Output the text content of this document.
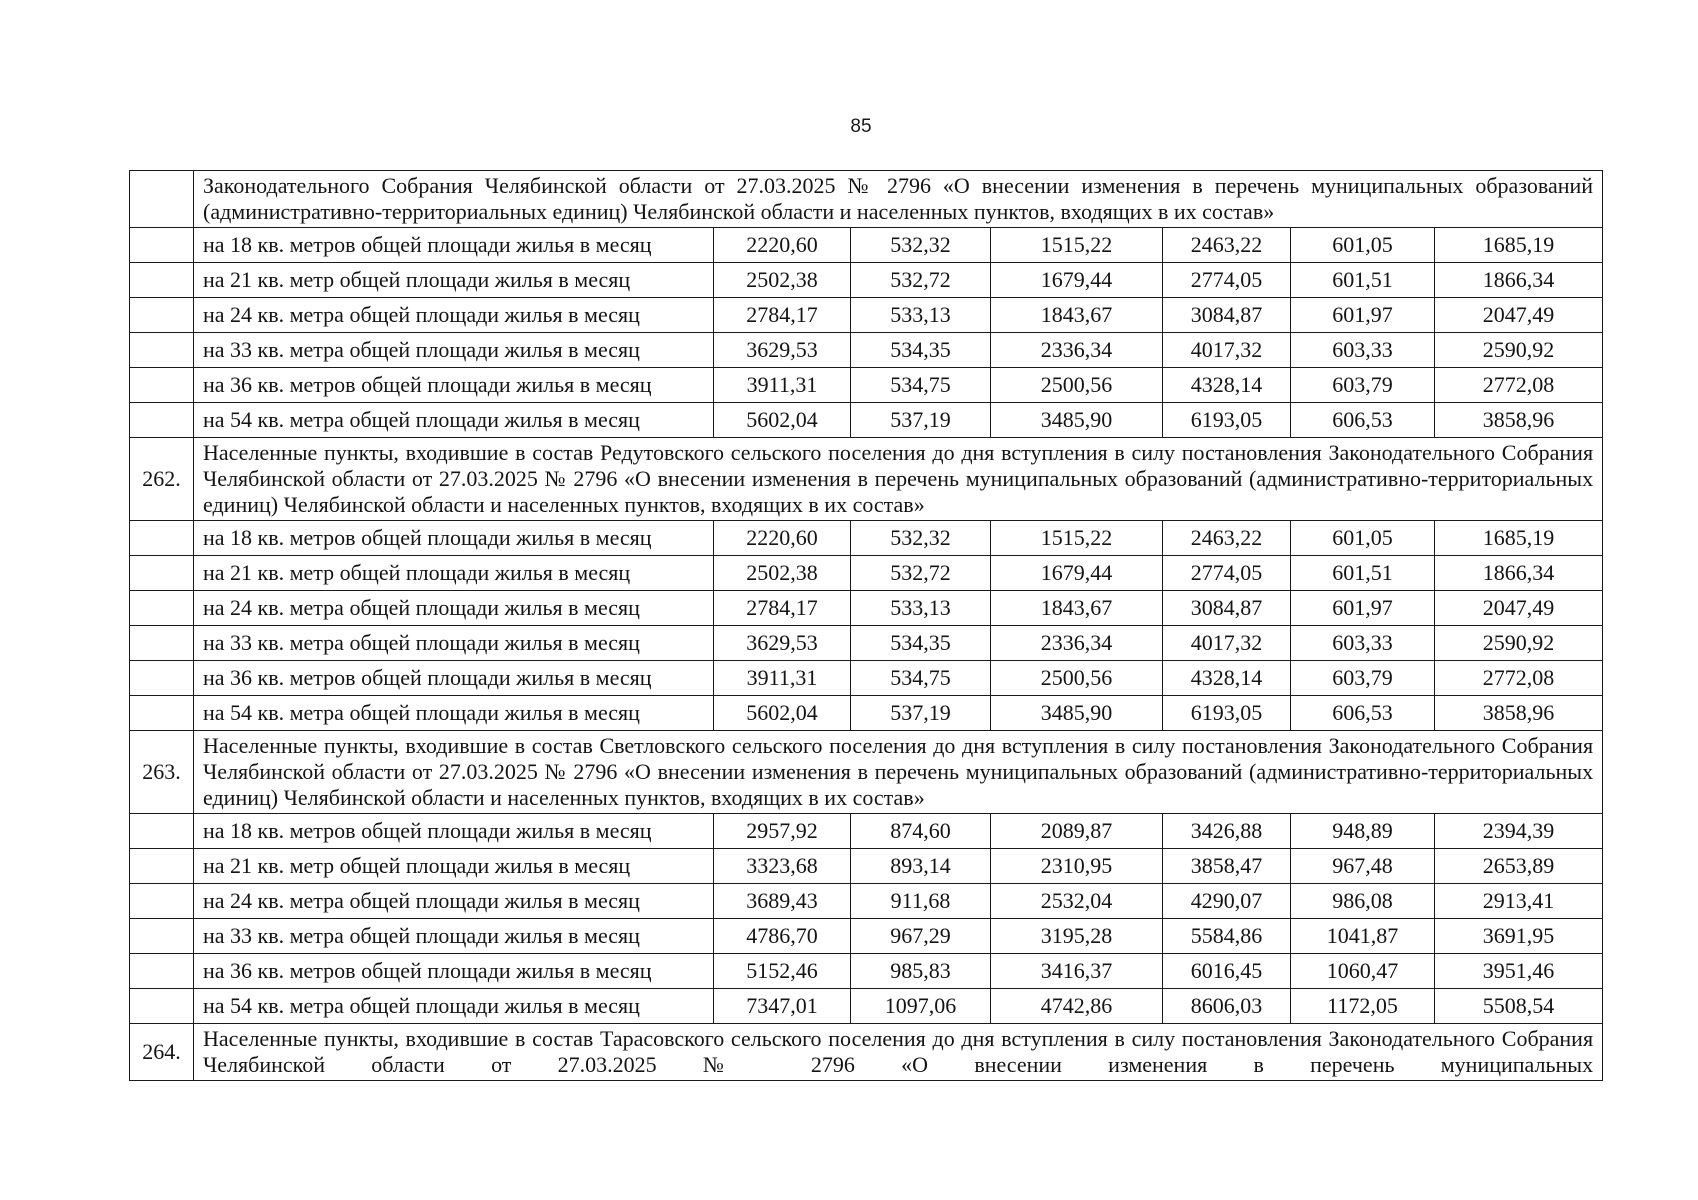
85
	Законодательного Собрания Челябинской области от 27.03.2025 № 2796 «О внесении изменения в перечень муниципальных образований (административно-территориальных единиц) Челябинской области и населенных пунктов, входящих в их состав»						
	на 18 кв. метров общей площади жилья в месяц	2220,60	532,32	1515,22	2463,22	601,05	1685,19
	на 21 кв. метр общей площади жилья в месяц	2502,38	532,72	1679,44	2774,05	601,51	1866,34
	на 24 кв. метра общей площади жилья в месяц	2784,17	533,13	1843,67	3084,87	601,97	2047,49
	на 33 кв. метра общей площади жилья в месяц	3629,53	534,35	2336,34	4017,32	603,33	2590,92
	на 36 кв. метров общей площади жилья в месяц	3911,31	534,75	2500,56	4328,14	603,79	2772,08
	на 54 кв. метра общей площади жилья в месяц	5602,04	537,19	3485,90	6193,05	606,53	3858,96
262.	Населенные пункты, входившие в состав Редутовского сельского поселения до дня вступления в силу постановления Законодательного Собрания Челябинской области от 27.03.2025 № 2796 «О внесении изменения в перечень муниципальных образований (административно-территориальных единиц) Челябинской области и населенных пунктов, входящих в их состав»						
	на 18 кв. метров общей площади жилья в месяц	2220,60	532,32	1515,22	2463,22	601,05	1685,19
	на 21 кв. метр общей площади жилья в месяц	2502,38	532,72	1679,44	2774,05	601,51	1866,34
	на 24 кв. метра общей площади жилья в месяц	2784,17	533,13	1843,67	3084,87	601,97	2047,49
	на 33 кв. метра общей площади жилья в месяц	3629,53	534,35	2336,34	4017,32	603,33	2590,92
	на 36 кв. метров общей площади жилья в месяц	3911,31	534,75	2500,56	4328,14	603,79	2772,08
	на 54 кв. метра общей площади жилья в месяц	5602,04	537,19	3485,90	6193,05	606,53	3858,96
263.	Населенные пункты, входившие в состав Светловского сельского поселения до дня вступления в силу постановления Законодательного Собрания Челябинской области от 27.03.2025 № 2796 «О внесении изменения в перечень муниципальных образований (административно-территориальных единиц) Челябинской области и населенных пунктов, входящих в их состав»						
	на 18 кв. метров общей площади жилья в месяц	2957,92	874,60	2089,87	3426,88	948,89	2394,39
	на 21 кв. метр общей площади жилья в месяц	3323,68	893,14	2310,95	3858,47	967,48	2653,89
	на 24 кв. метра общей площади жилья в месяц	3689,43	911,68	2532,04	4290,07	986,08	2913,41
	на 33 кв. метра общей площади жилья в месяц	4786,70	967,29	3195,28	5584,86	1041,87	3691,95
	на 36 кв. метров общей площади жилья в месяц	5152,46	985,83	3416,37	6016,45	1060,47	3951,46
	на 54 кв. метра общей площади жилья в месяц	7347,01	1097,06	4742,86	8606,03	1172,05	5508,54
264.	Населенные пункты, входившие в состав Тарасовского сельского поселения до дня вступления в силу постановления Законодательного Собрания Челябинской области от 27.03.2025 № 2796 «О внесении изменения в перечень муниципальных						
